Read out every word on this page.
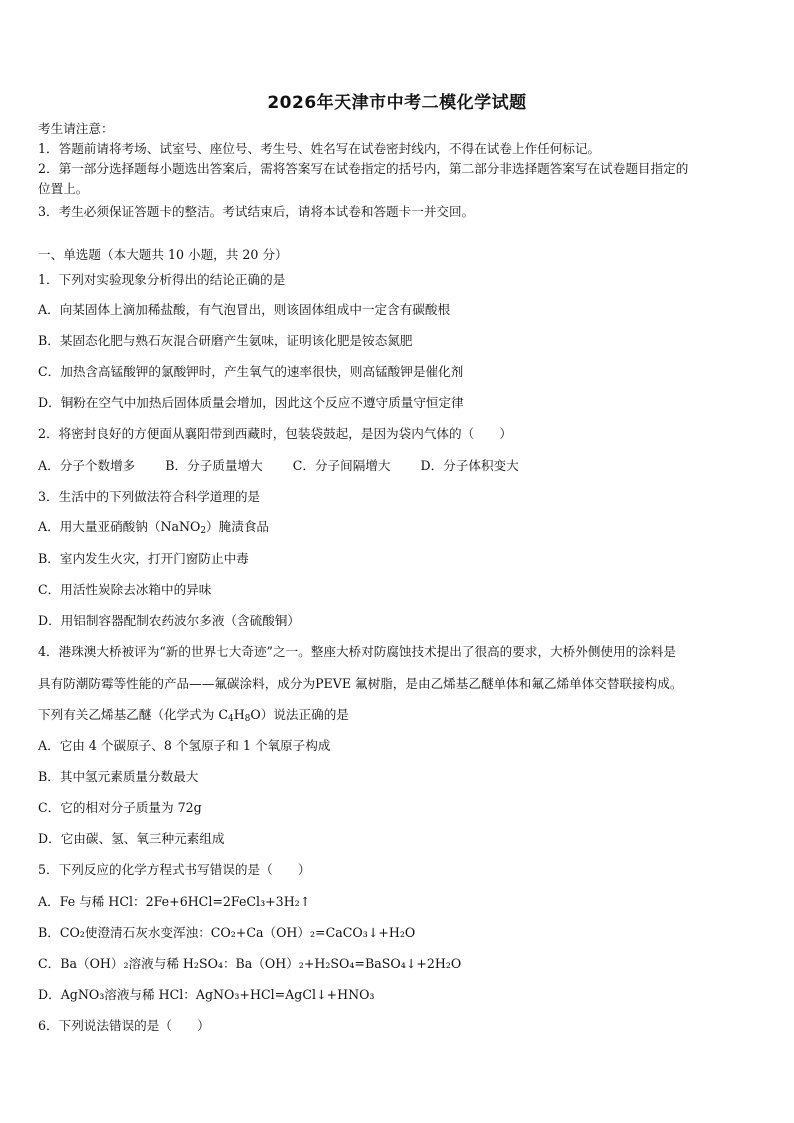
2026年天津市中考二模化学试题
考生请注意：
1．答题前请将考场、试室号、座位号、考生号、姓名写在试卷密封线内，不得在试卷上作任何标记。
2．第一部分选择题每小题选出答案后，需将答案写在试卷指定的括号内，第二部分非选择题答案写在试卷题目指定的
位置上。
3．考生必须保证答题卡的整洁。考试结束后，请将本试卷和答题卡一并交回。
一、单选题（本大题共 10 小题，共 20 分）
1．下列对实验现象分析得出的结论正确的是
A．向某固体上滴加稀盐酸，有气泡冒出，则该固体组成中一定含有碳酸根
B．某固态化肥与熟石灰混合研磨产生氨味，证明该化肥是铵态氮肥
C．加热含高锰酸钾的氯酸钾时，产生氧气的速率很快，则高锰酸钾是催化剂
D．铜粉在空气中加热后固体质量会增加，因此这个反应不遵守质量守恒定律
2．将密封良好的方便面从襄阳带到西藏时，包装袋鼓起，是因为袋内气体的（　　）
A．分子个数增多 B．分子质量增大 C．分子间隔增大 D．分子体积变大
3．生活中的下列做法符合科学道理的是
A．用大量亚硝酸钠（NaNO$_2$）腌渍食品
B．室内发生火灾，打开门窗防止中毒
C．用活性炭除去冰箱中的异味
D．用铝制容器配制农药波尔多液（含硫酸铜）
4．港珠澳大桥被评为“新的世界七大奇迹”之一。整座大桥对防腐蚀技术提出了很高的要求，大桥外侧使用的涂料是
具有防潮防霉等性能的产品——氟碳涂料，成分为PEVE 氟树脂，是由乙烯基乙醚单体和氟乙烯单体交替联接构成。
下列有关乙烯基乙醚（化学式为 $C_4H_8O$）说法正确的是
A．它由 4 个碳原子、8 个氢原子和 1 个氧原子构成
B．其中氢元素质量分数最大
C．它的相对分子质量为 72g
D．它由碳、氢、氧三种元素组成
5．下列反应的化学方程式书写错误的是（　　）
A．Fe 与稀 HCl：2Fe+6HCl=2FeCl₃+3H₂↑
B．CO₂使澄清石灰水变浑浊：CO₂+Ca（OH）₂=CaCO₃↓+H₂O
C．Ba（OH）₂溶液与稀 H₂SO₄：Ba（OH）₂+H₂SO₄=BaSO₄↓+2H₂O
D．AgNO₃溶液与稀 HCl：AgNO₃+HCl=AgCl↓+HNO₃
6．下列说法错误的是（　　）
